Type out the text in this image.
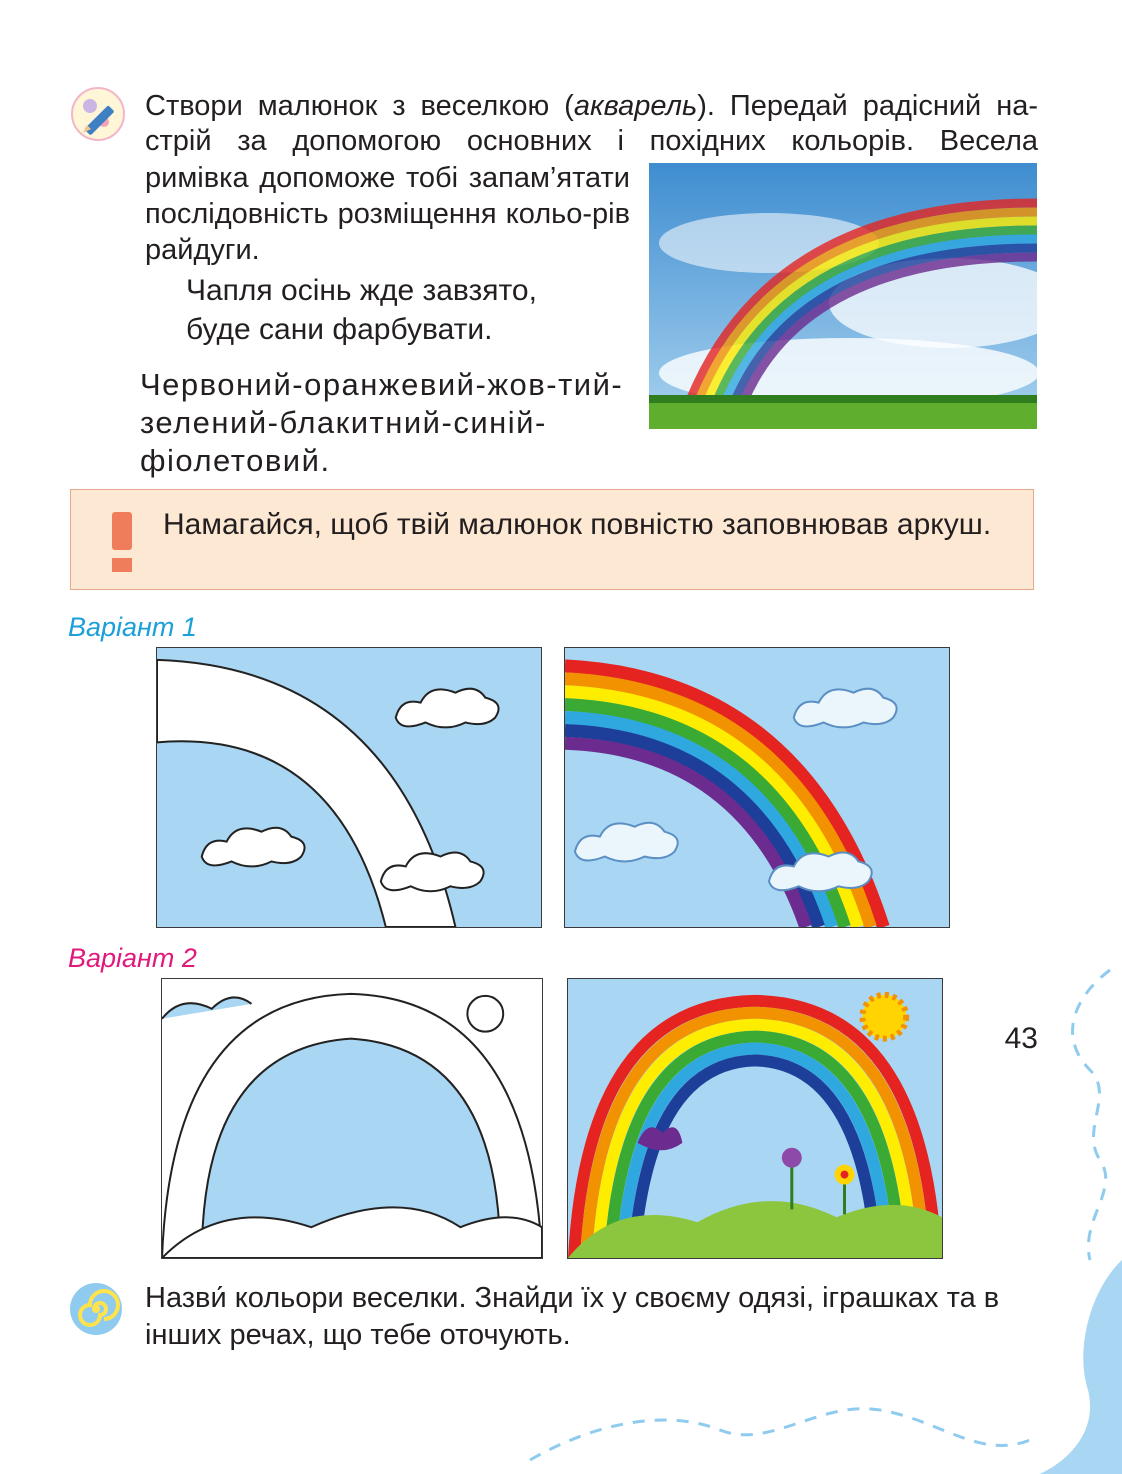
Створи малюнок з веселкою (акварель). Передай радісний на-
стрій за допомогою основних і похідних кольорів. Весела
римівка допоможе тобі запам’ятати послідовність розміщення кольо-рів райдуги.
Чапля осінь жде завзято,
буде сани фарбувати.
Червоний-оранжевий-жов-тий-зелений-блакитний-синій-фіолетовий.
Намагайся, щоб твій малюнок повністю заповнював аркуш.
Варіант 1
Варіант 2
Назви кольори веселки. Знайди їх у своєму одязі, іграшках та в інших речах, що тебе оточують.
43
